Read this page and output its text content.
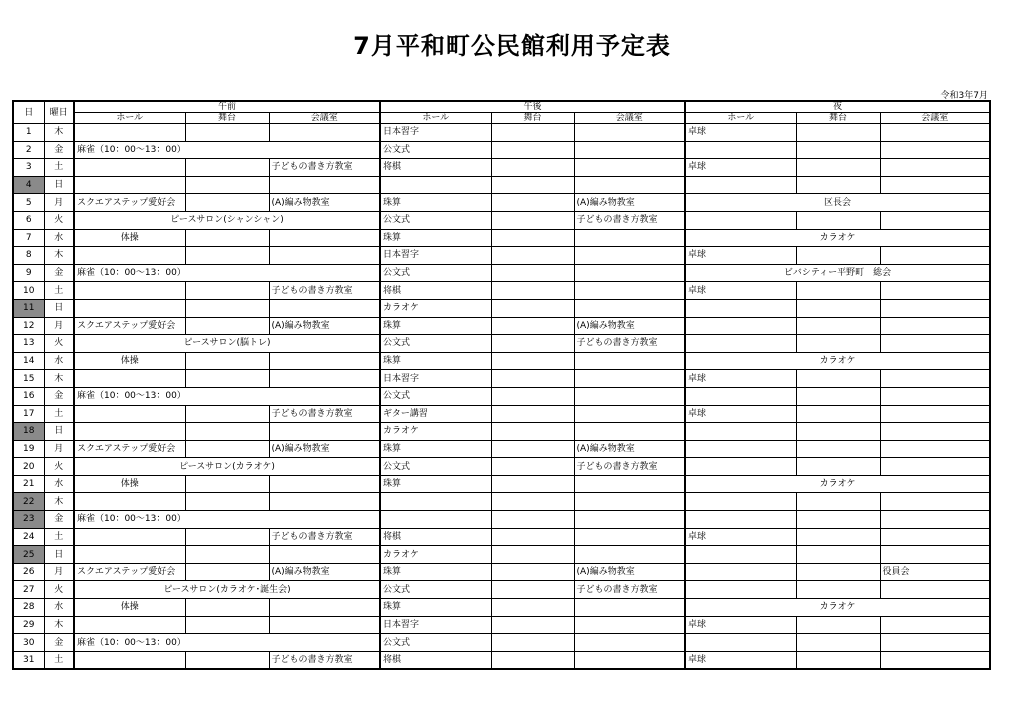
7月平和町公民館利用予定表
令和3年7月
日	曜日	午前			午後			夜		
		ホール	舞台	会議室	ホール	舞台	会議室	ホール	舞台	会議室
1	木				日本習字			卓球		
2	金	麻雀（10：00～13：00）			公文式					
3	土			子どもの書き方教室	将棋			卓球		
4	日									
5	月	スクエアステップ愛好会		(A)編み物教室	珠算		(A)編み物教室	区長会		
6	火	ピースサロン(シャンシャン)			公文式		子どもの書き方教室			
7	水	体操			珠算			カラオケ		
8	木				日本習字			卓球		
9	金	麻雀（10：00～13：00）			公文式			ビバシティー平野町　総会		
10	土			子どもの書き方教室	将棋			卓球		
11	日				カラオケ					
12	月	スクエアステップ愛好会		(A)編み物教室	珠算		(A)編み物教室			
13	火	ピースサロン(脳トレ)			公文式		子どもの書き方教室			
14	水	体操			珠算			カラオケ		
15	木				日本習字			卓球		
16	金	麻雀（10：00～13：00）			公文式					
17	土			子どもの書き方教室	ギター講習			卓球		
18	日				カラオケ					
19	月	スクエアステップ愛好会		(A)編み物教室	珠算		(A)編み物教室			
20	火	ピースサロン(カラオケ)			公文式		子どもの書き方教室			
21	水	体操			珠算			カラオケ		
22	木									
23	金	麻雀（10：00～13：00）								
24	土			子どもの書き方教室	将棋			卓球		
25	日				カラオケ					
26	月	スクエアステップ愛好会		(A)編み物教室	珠算		(A)編み物教室			役員会
27	火	ピースサロン(カラオケ･誕生会)			公文式		子どもの書き方教室			
28	水	体操			珠算			カラオケ		
29	木				日本習字			卓球		
30	金	麻雀（10：00～13：00）			公文式					
31	土			子どもの書き方教室	将棋			卓球		
